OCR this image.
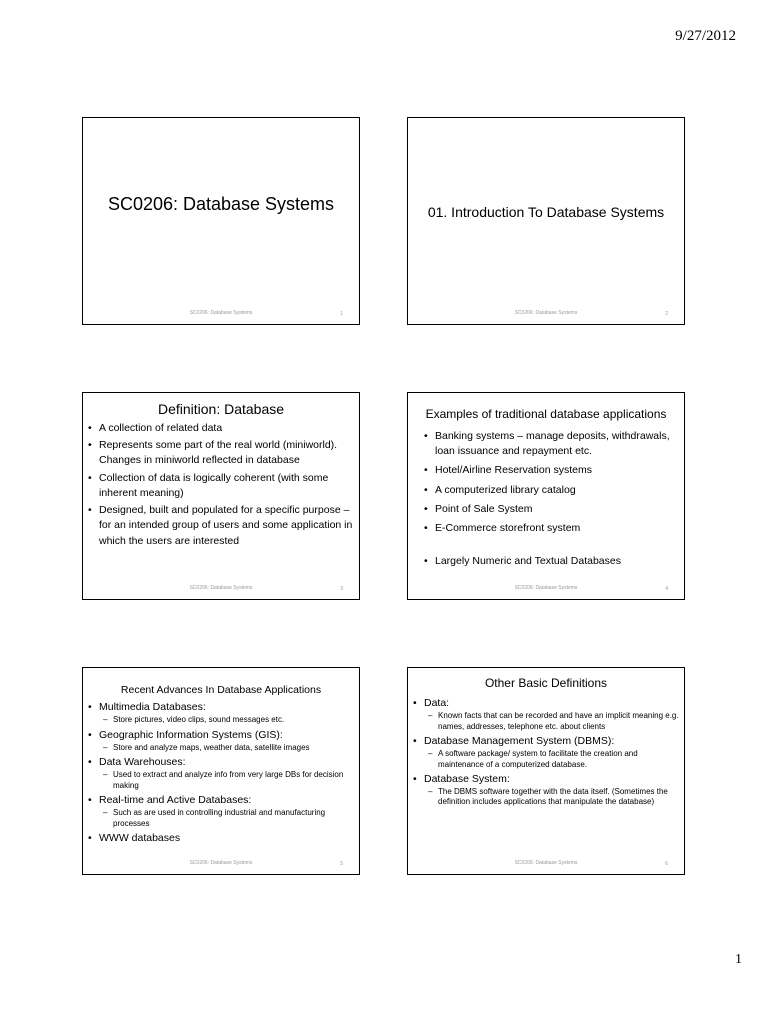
9/27/2012
SC0206: Database Systems
SC0206: Database Systems	1
01. Introduction To Database Systems
SC0206: Database Systems	2
Definition: Database
• A collection of related data
• Represents some part of the real world (miniworld). Changes in miniworld reflected in database
• Collection of data is logically coherent (with some inherent meaning)
• Designed, built and populated for a specific purpose – for an intended group of users and some application in which the users are interested
SC0206: Database Systems	3
Examples of traditional database applications
• Banking systems – manage deposits, withdrawals, loan issuance and repayment etc.
• Hotel/Airline Reservation systems
• A computerized library catalog
• Point of Sale System
• E-Commerce storefront system
• Largely Numeric and Textual Databases
SC0206: Database Systems	4
Recent Advances In Database Applications
• Multimedia Databases:
– Store pictures, video clips, sound messages etc.
• Geographic Information Systems (GIS):
– Store and analyze maps, weather data, satellite images
• Data Warehouses:
– Used to extract and analyze info from very large DBs for decision making
• Real-time and Active Databases:
– Such as are used in controlling industrial and manufacturing processes
• WWW databases
SC0206: Database Systems	5
Other Basic Definitions
• Data:
– Known facts that can be recorded and have an implicit meaning e.g. names, addresses, telephone etc. about clients
• Database Management System (DBMS):
– A software package/ system to facilitate the creation and maintenance of a computerized database.
• Database System:
– The DBMS software together with the data itself. (Sometimes the definition includes applications that manipulate the database)
SC0206: Database Systems	6
1
